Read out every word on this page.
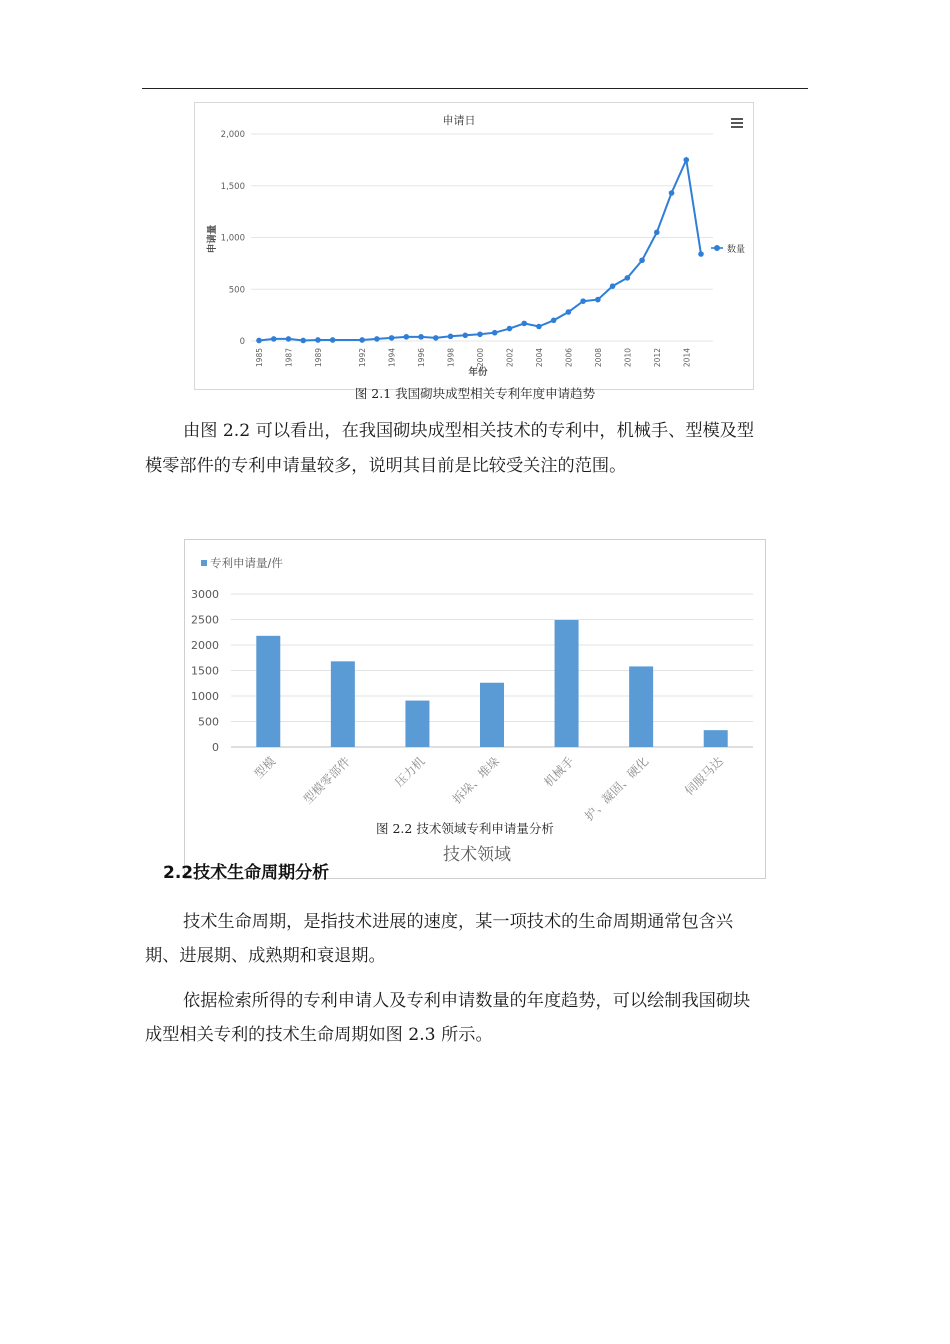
申请日
申请量
年份
0
500
1,000
1,500
2,000
1985	1987	1989	1992	1994	1996	1998	2000	2002	2004	2006	2008	2010	2012	2014
数量
图 2.1 我国砌块成型相关专利年度申请趋势
由图 2.2 可以看出，在我国砌块成型相关技术的专利中，机械手、型模及型
模零部件的专利申请量较多，说明其目前是比较受关注的范围。
专利申请量/件
0
500
1000
1500
2000
2500
3000
型模 型模零部件	压力机 拆垛、堆垛	机械手 护、凝固、硬化	伺服马达
技术领域
图 2.2 技术领域专利申请量分析
2.2技术生命周期分析
技术生命周期，是指技术进展的速度，某一项技术的生命周期通常包含兴
期、进展期、成熟期和衰退期。
依据检索所得的专利申请人及专利申请数量的年度趋势，可以绘制我国砌块
成型相关专利的技术生命周期如图 2.3 所示。
